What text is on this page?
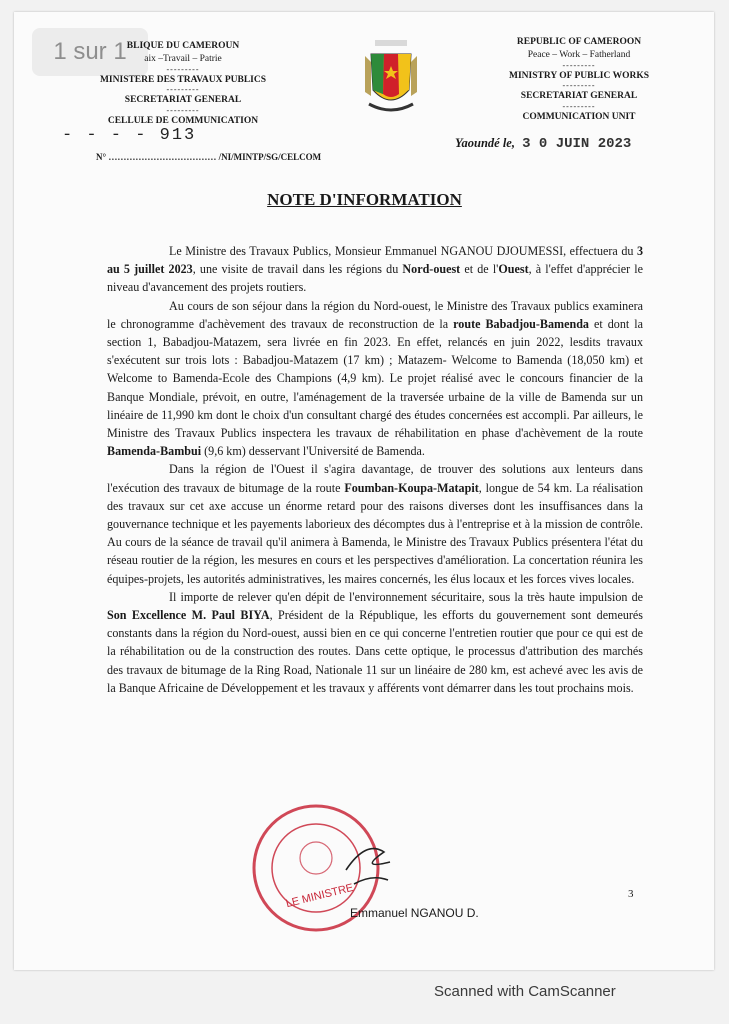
1 sur 1 BLIQUE DU CAMEROUN
aix –Travail – Patrie
---------
MINISTERE DES TRAVAUX PUBLICS
---------
SECRETARIAT GENERAL
---------
CELLULE DE COMMUNICATION
REPUBLIC OF CAMEROON
Peace – Work – Fatherland
---------
MINISTRY OF PUBLIC WORKS
---------
SECRETARIAT GENERAL
---------
COMMUNICATION UNIT
- - - - 913
N° ……………………………… /NI/MINTP/SG/CELCOM
Yaoundé le, 3 0 JUIN 2023
NOTE D'INFORMATION

Le Ministre des Travaux Publics, Monsieur Emmanuel NGANOU DJOUMESSI, effectuera du 3 au 5 juillet 2023, une visite de travail dans les régions du Nord-ouest et de l'Ouest, à l'effet d'apprécier le niveau d'avancement des projets routiers.

Au cours de son séjour dans la région du Nord-ouest, le Ministre des Travaux publics examinera le chronogramme d'achèvement des travaux de reconstruction de la route Babadjou-Bamenda et dont la section 1, Babadjou-Matazem, sera livrée en fin 2023. En effet, relancés en juin 2022, lesdits travaux s'exécutent sur trois lots : Babadjou-Matazem (17 km) ; Matazem- Welcome to Bamenda (18,050 km) et Welcome to Bamenda-Ecole des Champions (4,9 km). Le projet réalisé avec le concours financier de la Banque Mondiale, prévoit, en outre, l'aménagement de la traversée urbaine de la ville de Bamenda sur un linéaire de 11,990 km dont le choix d'un consultant chargé des études concernées est accompli. Par ailleurs, le Ministre des Travaux Publics inspectera les travaux de réhabilitation en phase d'achèvement de la route Bamenda-Bambui (9,6 km) desservant l'Université de Bamenda.

Dans la région de l'Ouest il s'agira davantage, de trouver des solutions aux lenteurs dans l'exécution des travaux de bitumage de la route Foumban-Koupa-Matapit, longue de 54 km. La réalisation des travaux sur cet axe accuse un énorme retard pour des raisons diverses dont les insuffisances dans la gouvernance technique et les payements laborieux des décomptes dus à l'entreprise et à la mission de contrôle. Au cours de la séance de travail qu'il animera à Bamenda, le Ministre des Travaux Publics présentera l'état du réseau routier de la région, les mesures en cours et les perspectives d'amélioration. La concertation réunira les équipes-projets, les autorités administratives, les maires concernés, les élus locaux et les forces vives locales.

Il importe de relever qu'en dépit de l'environnement sécuritaire, sous la très haute impulsion de Son Excellence M. Paul BIYA, Président de la République, les efforts du gouvernement sont demeurés constants dans la région du Nord-ouest, aussi bien en ce qui concerne l'entretien routier que pour ce qui est de la réhabilitation ou de la construction des routes. Dans cette optique, le processus d'attribution des marchés des travaux de bitumage de la Ring Road, Nationale 11 sur un linéaire de 280 km, est achevé avec les avis de la Banque Africaine de Développement et les travaux y afférents vont démarrer dans les tout prochains mois.

LE MINISTRE
Emmanuel NGANOU D.
3
Scanned with CamScanner
